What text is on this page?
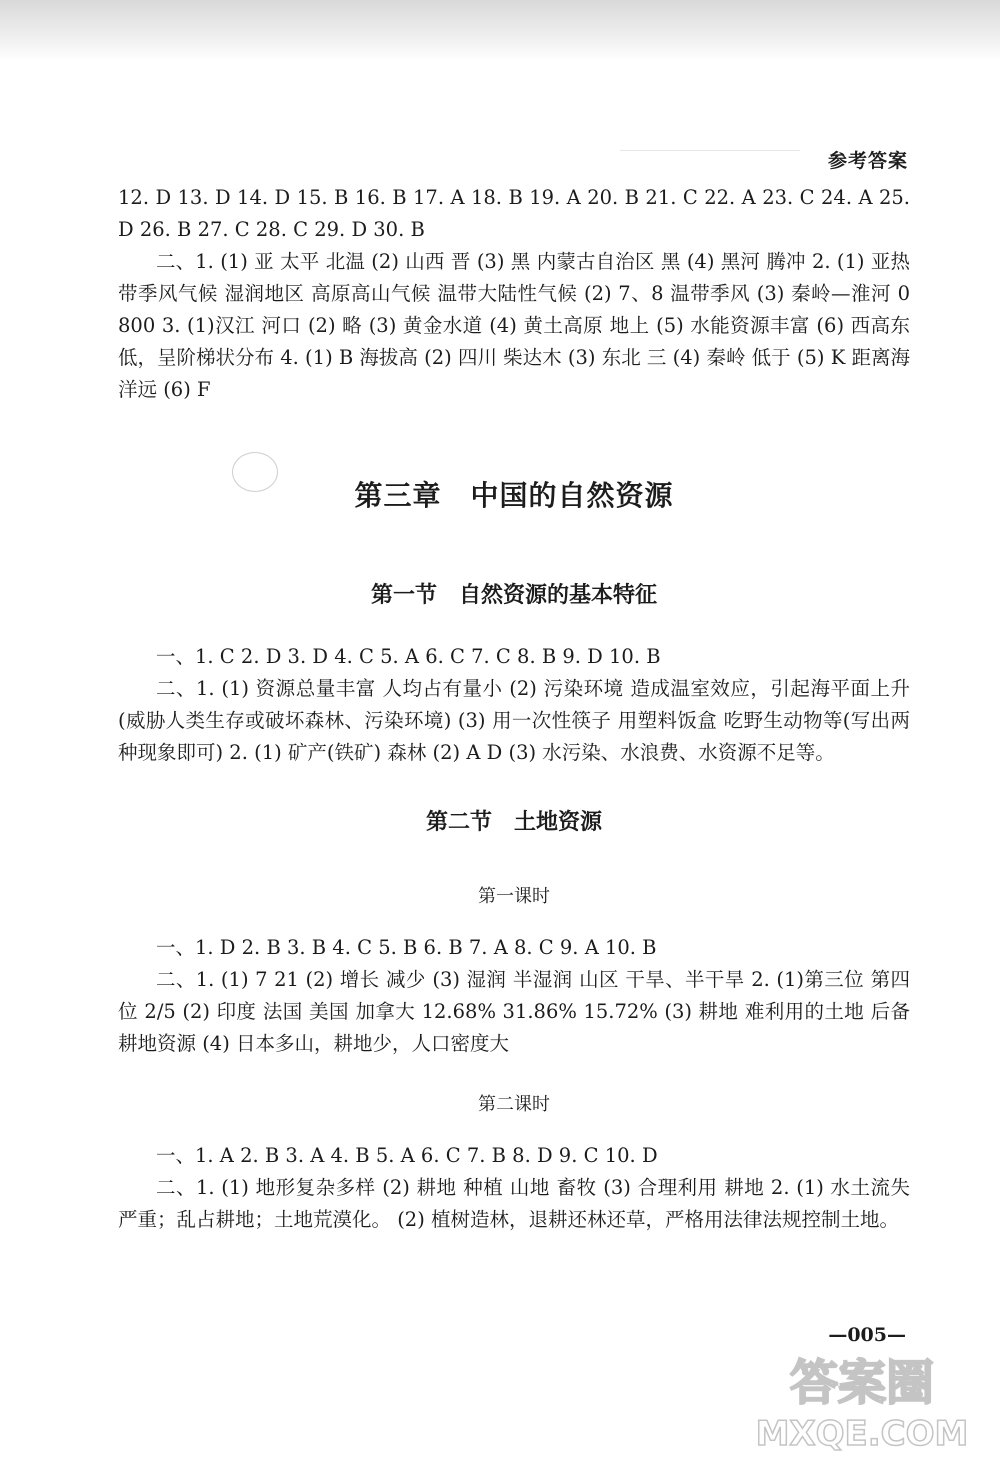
参考答案

12. D 13. D 14. D 15. B 16. B 17. A 18. B 19. A 20. B 21. C 22. A 23. C 24. A 25. D 26. B 27. C 28. C 29. D 30. B

二、1. (1) 亚 太平 北温 (2) 山西 晋 (3) 黑 内蒙古自治区 黑 (4) 黑河 腾冲 2. (1) 亚热带季风气候 湿润地区 高原高山气候 温带大陆性气候 (2) 7、8 温带季风 (3) 秦岭—淮河 0 800 3. (1)汉江 河口 (2) 略 (3) 黄金水道 (4) 黄土高原 地上 (5) 水能资源丰富 (6) 西高东低，呈阶梯状分布 4. (1) B 海拔高 (2) 四川 柴达木 (3) 东北 三 (4) 秦岭 低于 (5) K 距离海洋远 (6) F

第三章　中国的自然资源
第一节　自然资源的基本特征

一、1. C 2. D 3. D 4. C 5. A 6. C 7. C 8. B 9. D 10. B

二、1. (1) 资源总量丰富 人均占有量小 (2) 污染环境 造成温室效应，引起海平面上升(威胁人类生存或破坏森林、污染环境) (3) 用一次性筷子 用塑料饭盒 吃野生动物等(写出两种现象即可) 2. (1) 矿产(铁矿) 森林 (2) A D (3) 水污染、水浪费、水资源不足等。

第二节　土地资源
第一课时

一、1. D 2. B 3. B 4. C 5. B 6. B 7. A 8. C 9. A 10. B

二、1. (1) 7 21 (2) 增长 减少 (3) 湿润 半湿润 山区 干旱、半干旱 2. (1)第三位 第四位 2/5 (2) 印度 法国 美国 加拿大 12.68% 31.86% 15.72% (3) 耕地 难利用的土地 后备耕地资源 (4) 日本多山，耕地少，人口密度大

第二课时

一、1. A 2. B 3. A 4. B 5. A 6. C 7. B 8. D 9. C 10. D

二、1. (1) 地形复杂多样 (2) 耕地 种植 山地 畜牧 (3) 合理利用 耕地 2. (1) 水土流失严重；乱占耕地；土地荒漠化。 (2) 植树造林，退耕还林还草，严格用法律法规控制土地。

—005—
答案圈
MXQE.COM
